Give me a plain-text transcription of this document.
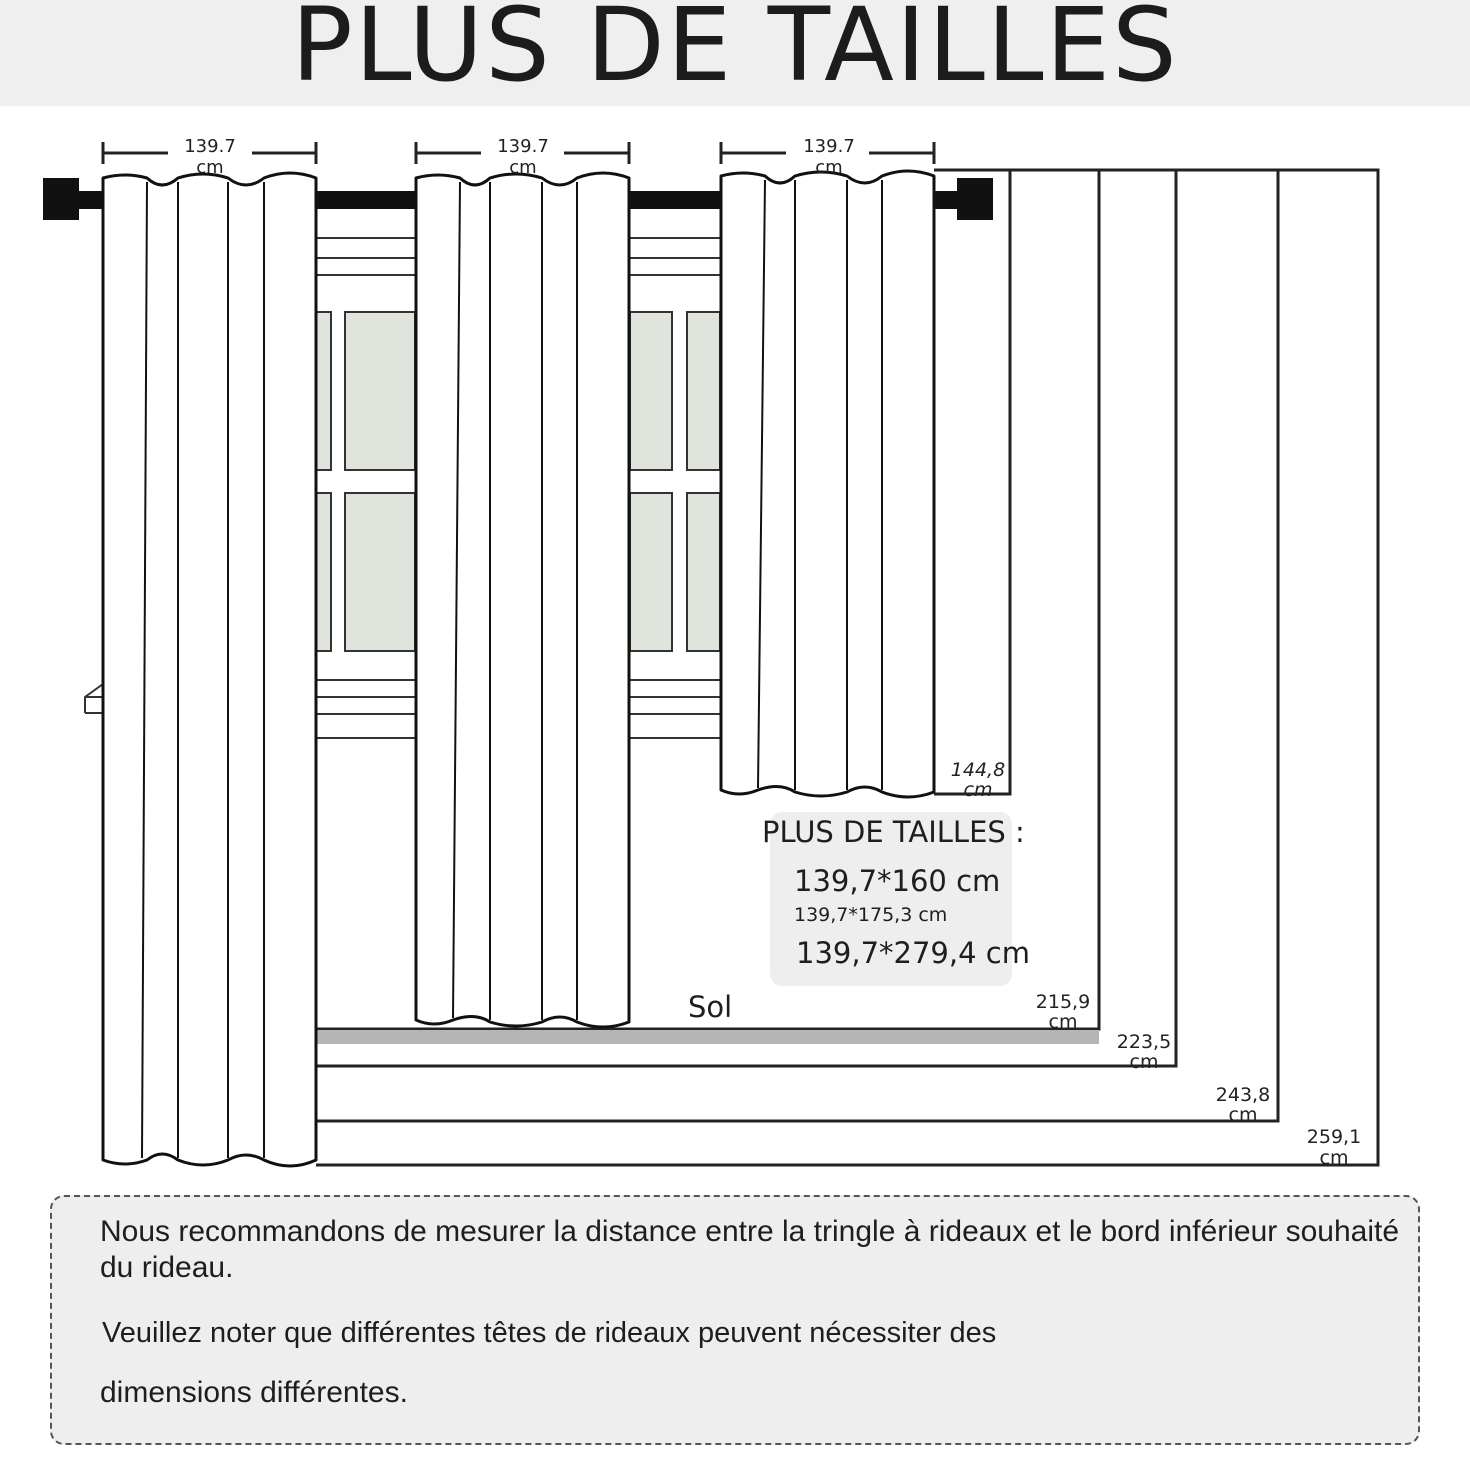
PLUS DE TAILLES
139.7
cm
139.7
cm
139.7
cm
144,8
cm
215,9
cm
223,5
cm
243,8
cm
259,1
cm
PLUS DE TAILLES :
139,7*160 cm
139,7*175,3 cm
139,7*279,4 cm
Sol
Nous recommandons de mesurer la distance entre la tringle à rideaux et le bord inférieur souhaité du rideau.
Veuillez noter que différentes têtes de rideaux peuvent nécessiter des
dimensions différentes.
